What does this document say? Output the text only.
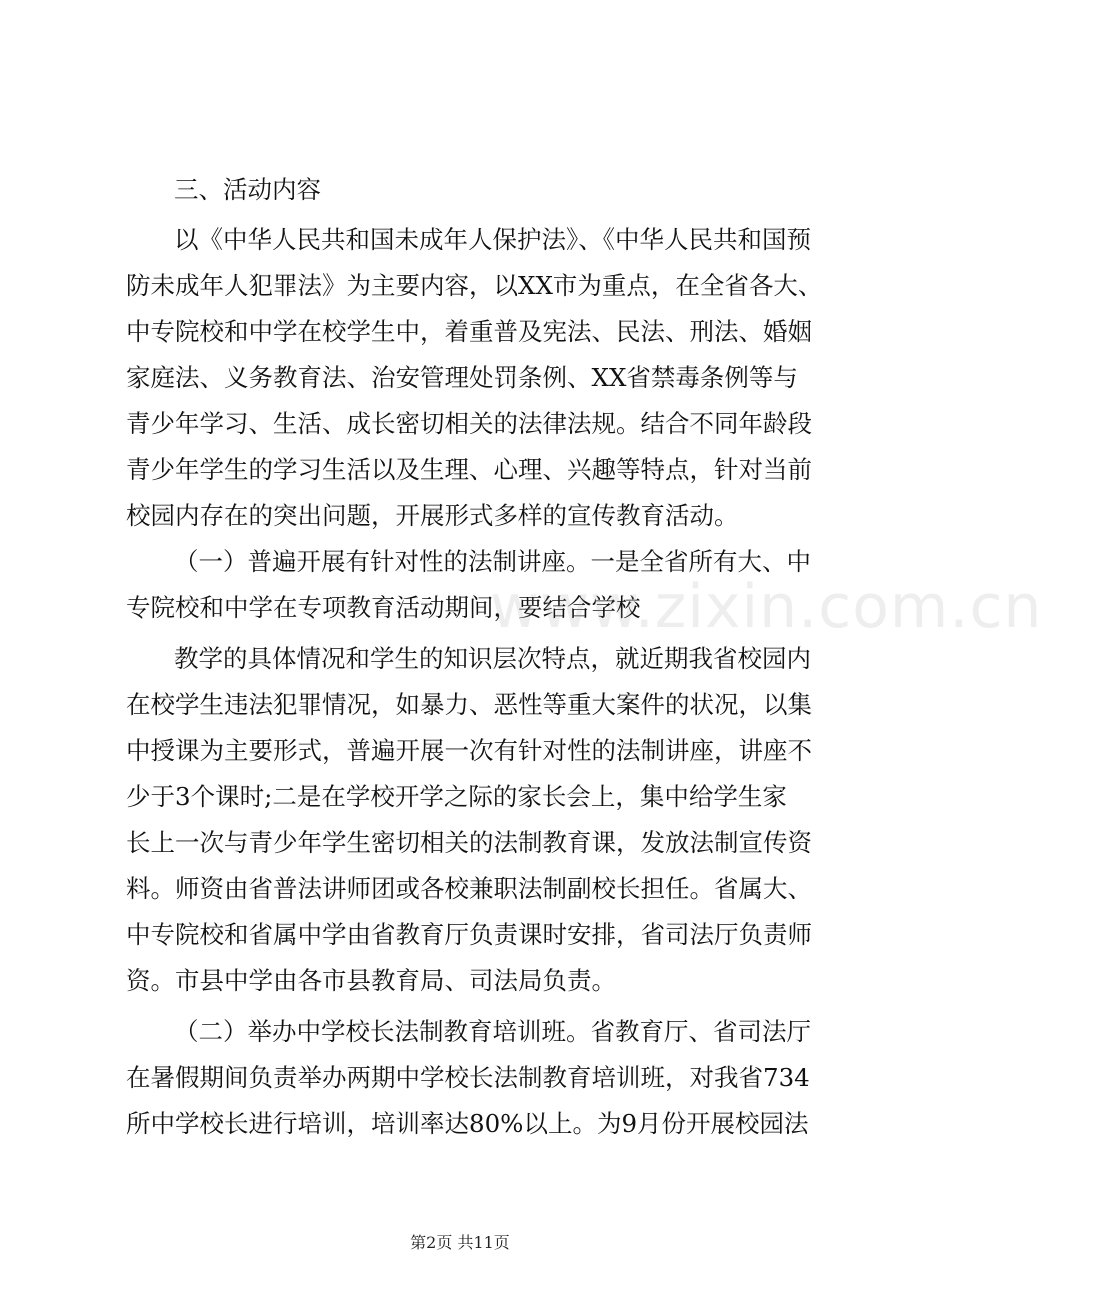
三、活动内容
以《中华人民共和国未成年人保护法》、《中华人民共和国预
防未成年人犯罪法》为主要内容，以XX市为重点，在全省各大、
中专院校和中学在校学生中，着重普及宪法、民法、刑法、婚姻
家庭法、义务教育法、治安管理处罚条例、XX省禁毒条例等与
青少年学习、生活、成长密切相关的法律法规。结合不同年龄段
青少年学生的学习生活以及生理、心理、兴趣等特点，针对当前
校园内存在的突出问题，开展形式多样的宣传教育活动。
（一）普遍开展有针对性的法制讲座。一是全省所有大、中
专院校和中学在专项教育活动期间，要结合学校
教学的具体情况和学生的知识层次特点，就近期我省校园内
在校学生违法犯罪情况，如暴力、恶性等重大案件的状况，以集
中授课为主要形式，普遍开展一次有针对性的法制讲座，讲座不
少于3个课时;二是在学校开学之际的家长会上，集中给学生家
长上一次与青少年学生密切相关的法制教育课，发放法制宣传资
料。师资由省普法讲师团或各校兼职法制副校长担任。省属大、
中专院校和省属中学由省教育厅负责课时安排，省司法厅负责师
资。市县中学由各市县教育局、司法局负责。
（二）举办中学校长法制教育培训班。省教育厅、省司法厅
在暑假期间负责举办两期中学校长法制教育培训班，对我省734
所中学校长进行培训，培训率达80%以上。为9月份开展校园法
www.zixin.com.cn
第2页 共11页
